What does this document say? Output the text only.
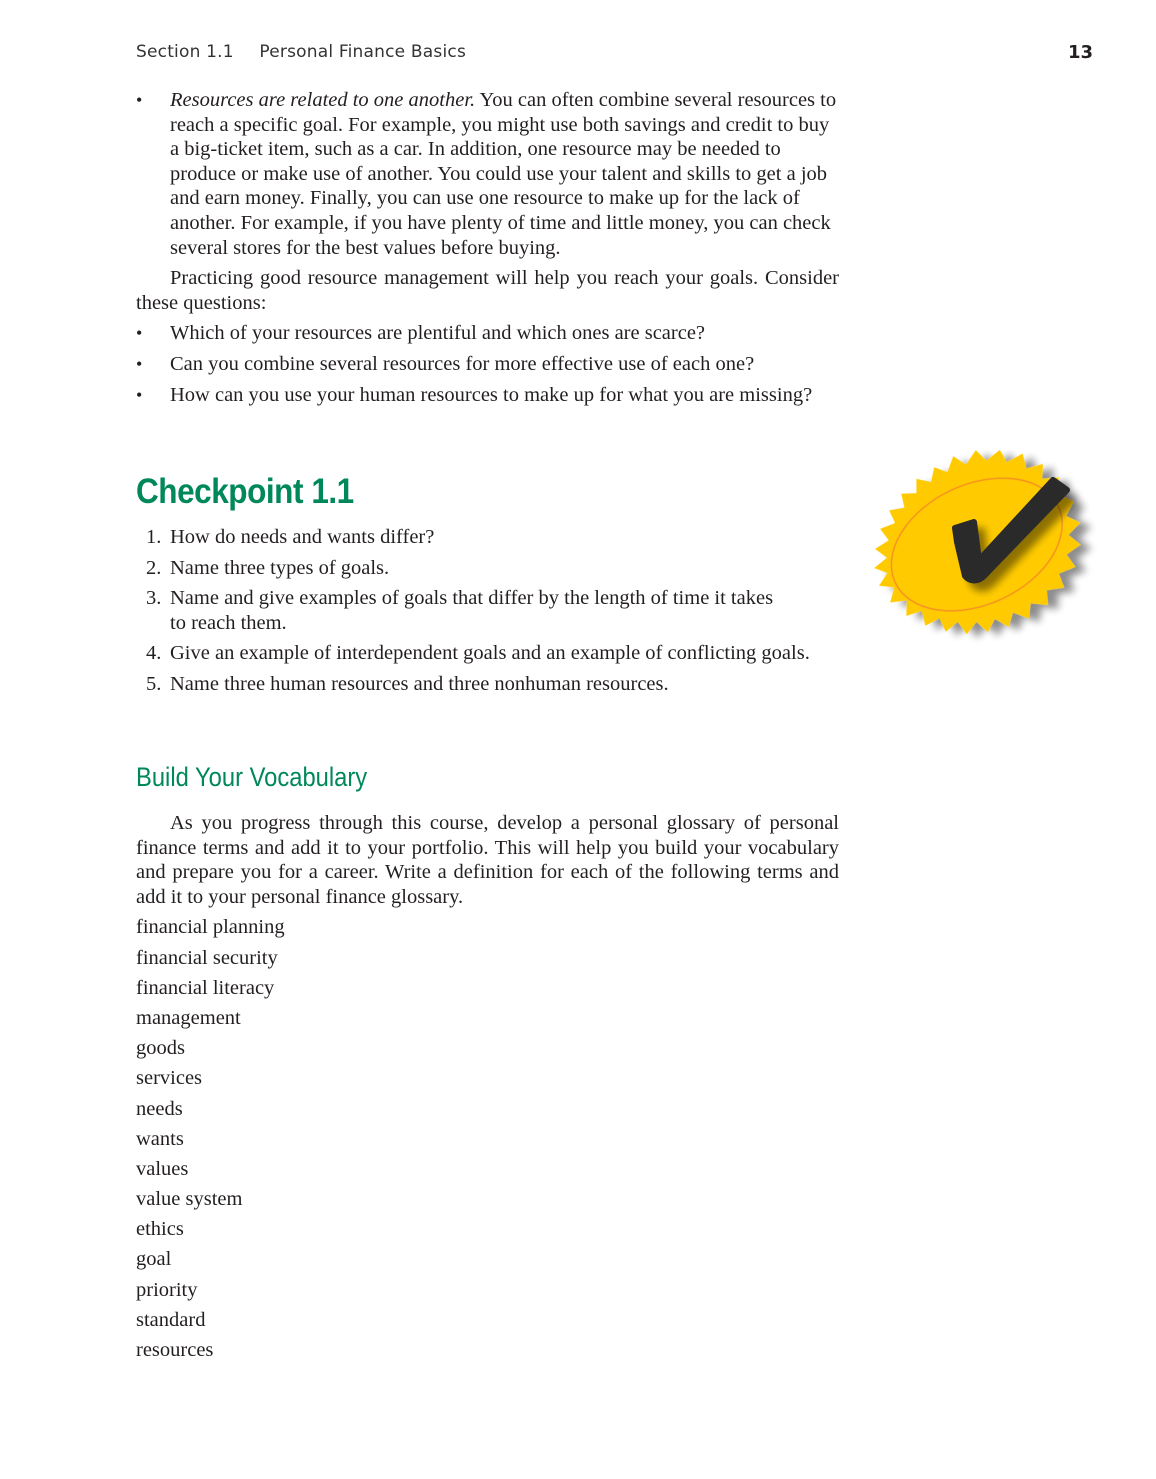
Section 1.1 Personal Finance Basics	13
•
Resources are related to one another. You can often combine several resources to reach a specific goal. For example, you might use both savings and credit to buy a big-ticket item, such as a car. In addition, one resource may be needed to produce or make use of another. You could use your talent and skills to get a job and earn money. Finally, you can use one resource to make up for the lack of another. For example, if you have plenty of time and little money, you can check several stores for the best values before buying.

Practicing good resource management will help you reach your goals. Consider these questions:

•
Which of your resources are plentiful and which ones are scarce?
•
Can you combine several resources for more effective use of each one?
•
How can you use your human resources to make up for what you are missing?
Checkpoint 1.1
1. How do needs and wants differ?
2. Name three types of goals.
3. Name and give examples of goals that differ by the length of time it takes to reach them.
4. Give an example of interdependent goals and an example of conflicting goals.
5. Name three human resources and three nonhuman resources.
Build Your Vocabulary

As you progress through this course, develop a personal glossary of personal finance terms and add it to your portfolio. This will help you build your vocabulary and prepare you for a career. Write a definition for each of the following terms and add it to your personal finance glossary.

financial planning
financial security
financial literacy
management
goods
services
needs
wants
values
value system
ethics
goal
priority
standard
resources
